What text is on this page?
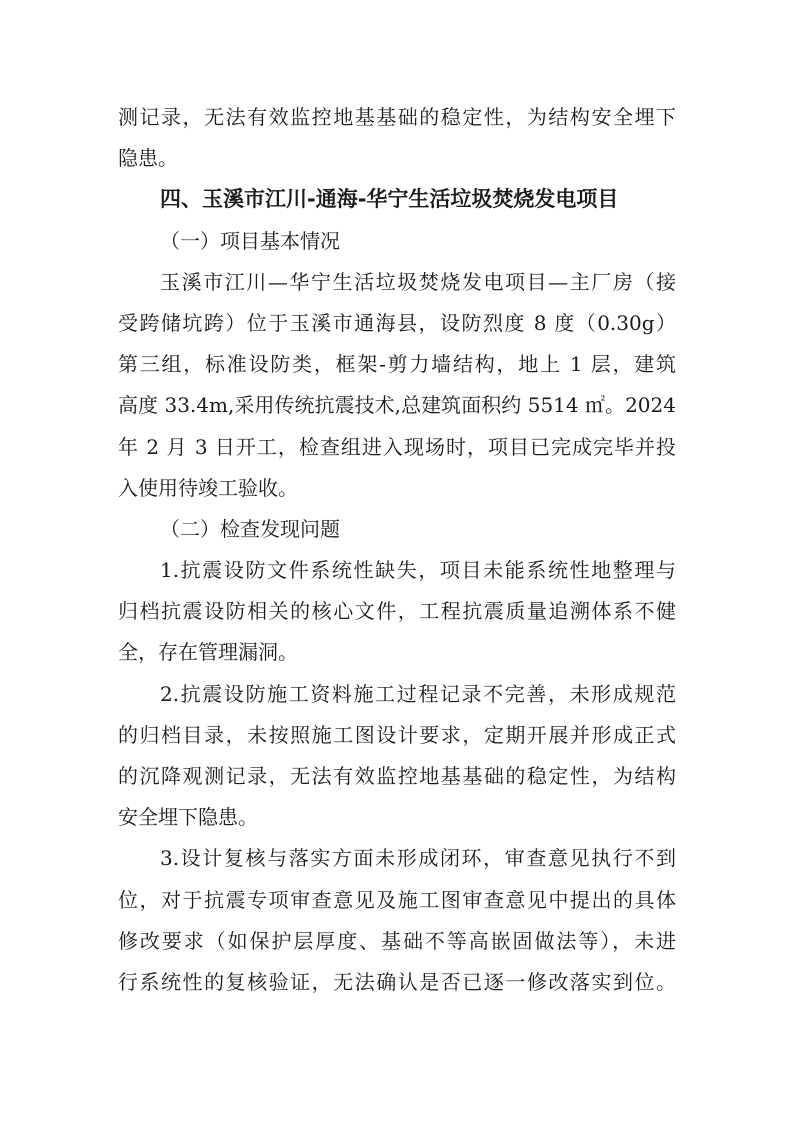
测记录，无法有效监控地基基础的稳定性，为结构安全埋下
隐患。
四、玉溪市江川-通海-华宁生活垃圾焚烧发电项目
（一）项目基本情况
玉溪市江川—华宁生活垃圾焚烧发电项目—主厂房（接
受跨储坑跨）位于玉溪市通海县，设防烈度 8 度（0.30g）
第三组，标准设防类，框架-剪力墙结构，地上 1 层，建筑
高度 33.4m,采用传统抗震技术,总建筑面积约 5514 ㎡。2024
年 2 月 3 日开工，检查组进入现场时，项目已完成完毕并投
入使用待竣工验收。
（二）检查发现问题
1.抗震设防文件系统性缺失，项目未能系统性地整理与
归档抗震设防相关的核心文件，工程抗震质量追溯体系不健
全，存在管理漏洞。
2.抗震设防施工资料施工过程记录不完善，未形成规范
的归档目录，未按照施工图设计要求，定期开展并形成正式
的沉降观测记录，无法有效监控地基基础的稳定性，为结构
安全埋下隐患。
3.设计复核与落实方面未形成闭环，审查意见执行不到
位，对于抗震专项审查意见及施工图审查意见中提出的具体
修改要求（如保护层厚度、基础不等高嵌固做法等），未进
行系统性的复核验证，无法确认是否已逐一修改落实到位。
